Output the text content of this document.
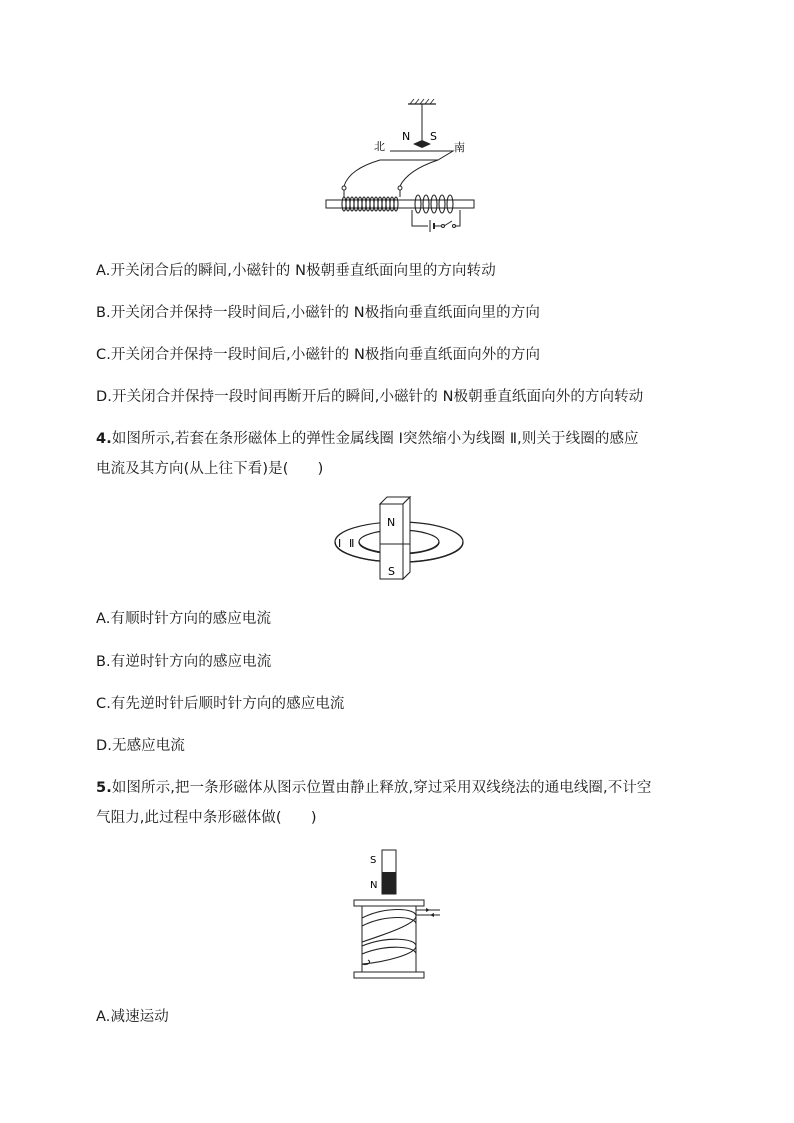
N S
北	南
A.开关闭合后的瞬间,小磁针的 N极朝垂直纸面向里的方向转动
B.开关闭合并保持一段时间后,小磁针的 N极指向垂直纸面向里的方向
C.开关闭合并保持一段时间后,小磁针的 N极指向垂直纸面向外的方向
D.开关闭合并保持一段时间再断开后的瞬间,小磁针的 N极朝垂直纸面向外的方向转动
4.如图所示,若套在条形磁体上的弹性金属线圈 Ⅰ突然缩小为线圈 Ⅱ,则关于线圈的感应
电流及其方向(从上往下看)是(　　)
N
S
Ⅰ Ⅱ
A.有顺时针方向的感应电流
B.有逆时针方向的感应电流
C.有先逆时针后顺时针方向的感应电流
D.无感应电流
5.如图所示,把一条形磁体从图示位置由静止释放,穿过采用双线绕法的通电线圈,不计空
气阻力,此过程中条形磁体做(　　)
S
N
A.减速运动
